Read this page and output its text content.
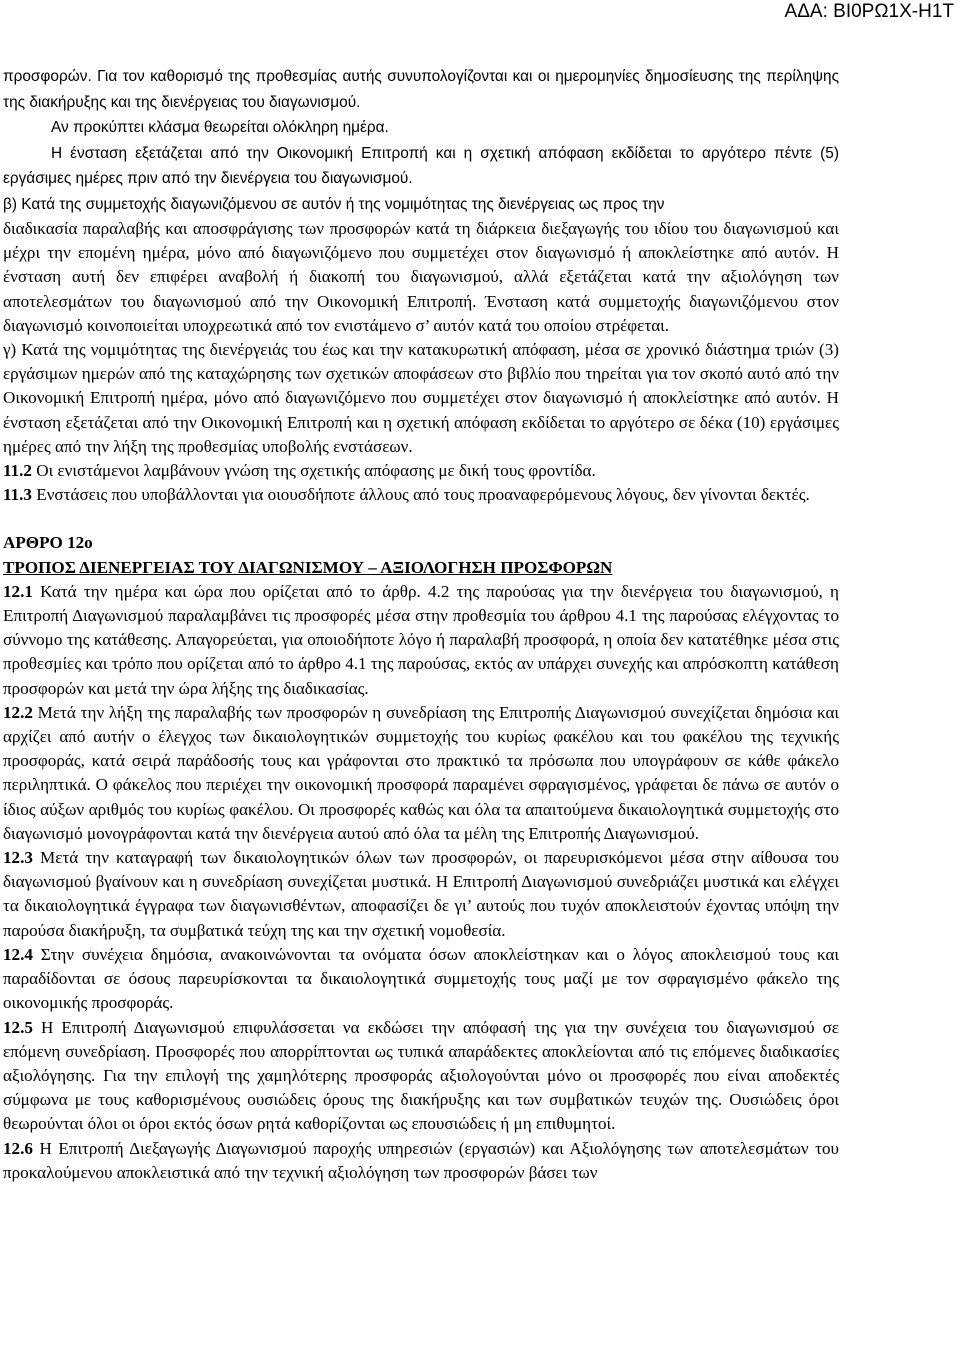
ΑΔΑ: ΒΙ0ΡΩ1Χ-Η1Τ

προσφορών. Για τον καθορισμό της προθεσμίας αυτής συνυπολογίζονται και οι ημερομηνίες δημοσίευσης της περίληψης της διακήρυξης και της διενέργειας του διαγωνισμού.

Αν προκύπτει κλάσμα θεωρείται ολόκληρη ημέρα.

Η ένσταση εξετάζεται από την Οικονομική Επιτροπή και η σχετική απόφαση εκδίδεται το αργότερο πέντε (5) εργάσιμες ημέρες πριν από την διενέργεια του διαγωνισμού.

β) Κατά της συμμετοχής διαγωνιζόμενου σε αυτόν ή της νομιμότητας της διενέργειας ως προς την

διαδικασία παραλαβής και αποσφράγισης των προσφορών κατά τη διάρκεια διεξαγωγής του ιδίου του διαγωνισμού και μέχρι την επομένη ημέρα, μόνο από διαγωνιζόμενο που συμμετέχει στον διαγωνισμό ή αποκλείστηκε από αυτόν. Η ένσταση αυτή δεν επιφέρει αναβολή ή διακοπή του διαγωνισμού, αλλά εξετάζεται κατά την αξιολόγηση των αποτελεσμάτων του διαγωνισμού από την Οικονομική Επιτροπή. Ένσταση κατά συμμετοχής διαγωνιζόμενου στον διαγωνισμό κοινοποιείται υποχρεωτικά από τον ενιστάμενο σ’ αυτόν κατά του οποίου στρέφεται.

γ) Κατά της νομιμότητας της διενέργειάς του έως και την κατακυρωτική απόφαση, μέσα σε χρονικό διάστημα τριών (3) εργάσιμων ημερών από της καταχώρησης των σχετικών αποφάσεων στο βιβλίο που τηρείται για τον σκοπό αυτό από την Οικονομική Επιτροπή ημέρα, μόνο από διαγωνιζόμενο που συμμετέχει στον διαγωνισμό ή αποκλείστηκε από αυτόν. Η ένσταση εξετάζεται από την Οικονομική Επιτροπή και η σχετική απόφαση εκδίδεται το αργότερο σε δέκα (10) εργάσιμες ημέρες από την λήξη της προθεσμίας υποβολής ενστάσεων.

11.2 Οι ενιστάμενοι λαμβάνουν γνώση της σχετικής απόφασης με δική τους φροντίδα.

11.3 Ενστάσεις που υποβάλλονται για οιουσδήποτε άλλους από τους προαναφερόμενους λόγους, δεν γίνονται δεκτές.

ΑΡΘΡΟ 12ο

ΤΡΟΠΟΣ ΔΙΕΝΕΡΓΕΙΑΣ ΤΟΥ ΔΙΑΓΩΝΙΣΜΟΥ – ΑΞΙΟΛΟΓΗΣΗ ΠΡΟΣΦΟΡΩΝ

12.1 Κατά την ημέρα και ώρα που ορίζεται από το άρθρ. 4.2 της παρούσας για την διενέργεια του διαγωνισμού, η Επιτροπή Διαγωνισμού παραλαμβάνει τις προσφορές μέσα στην προθεσμία του άρθρου 4.1 της παρούσας ελέγχοντας το σύννομο της κατάθεσης. Απαγορεύεται, για οποιοδήποτε λόγο ή παραλαβή προσφορά, η οποία δεν κατατέθηκε μέσα στις προθεσμίες και τρόπο που ορίζεται από το άρθρο 4.1 της παρούσας, εκτός αν υπάρχει συνεχής και απρόσκοπτη κατάθεση προσφορών και μετά την ώρα λήξης της διαδικασίας.

12.2 Μετά την λήξη της παραλαβής των προσφορών η συνεδρίαση της Επιτροπής Διαγωνισμού συνεχίζεται δημόσια και αρχίζει από αυτήν ο έλεγχος των δικαιολογητικών συμμετοχής του κυρίως φακέλου και του φακέλου της τεχνικής προσφοράς, κατά σειρά παράδοσής τους και γράφονται στο πρακτικό τα πρόσωπα που υπογράφουν σε κάθε φάκελο περιληπτικά. Ο φάκελος που περιέχει την οικονομική προσφορά παραμένει σφραγισμένος, γράφεται δε πάνω σε αυτόν ο ίδιος αύξων αριθμός του κυρίως φακέλου. Οι προσφορές καθώς και όλα τα απαιτούμενα δικαιολογητικά συμμετοχής στο διαγωνισμό μονογράφονται κατά την διενέργεια αυτού από όλα τα μέλη της Επιτροπής Διαγωνισμού.

12.3 Μετά την καταγραφή των δικαιολογητικών όλων των προσφορών, οι παρευρισκόμενοι μέσα στην αίθουσα του διαγωνισμού βγαίνουν και η συνεδρίαση συνεχίζεται μυστικά. Η Επιτροπή Διαγωνισμού συνεδριάζει μυστικά και ελέγχει τα δικαιολογητικά έγγραφα των διαγωνισθέντων, αποφασίζει δε γι’ αυτούς που τυχόν αποκλειστούν έχοντας υπόψη την παρούσα διακήρυξη, τα συμβατικά τεύχη της και την σχετική νομοθεσία.

12.4 Στην συνέχεια δημόσια, ανακοινώνονται τα ονόματα όσων αποκλείστηκαν και ο λόγος αποκλεισμού τους και παραδίδονται σε όσους παρευρίσκονται τα δικαιολογητικά συμμετοχής τους μαζί με τον σφραγισμένο φάκελο της οικονομικής προσφοράς.

12.5 Η Επιτροπή Διαγωνισμού επιφυλάσσεται να εκδώσει την απόφασή της για την συνέχεια του διαγωνισμού σε επόμενη συνεδρίαση. Προσφορές που απορρίπτονται ως τυπικά απαράδεκτες αποκλείονται από τις επόμενες διαδικασίες αξιολόγησης. Για την επιλογή της χαμηλότερης προσφοράς αξιολογούνται μόνο οι προσφορές που είναι αποδεκτές σύμφωνα με τους καθορισμένους ουσιώδεις όρους της διακήρυξης και των συμβατικών τευχών της. Ουσιώδεις όροι θεωρούνται όλοι οι όροι εκτός όσων ρητά καθορίζονται ως επουσιώδεις ή μη επιθυμητοί.

12.6 Η Επιτροπή Διεξαγωγής Διαγωνισμού παροχής υπηρεσιών (εργασιών) και Αξιολόγησης των αποτελεσμάτων του προκαλούμενου αποκλειστικά από την τεχνική αξιολόγηση των προσφορών βάσει των
